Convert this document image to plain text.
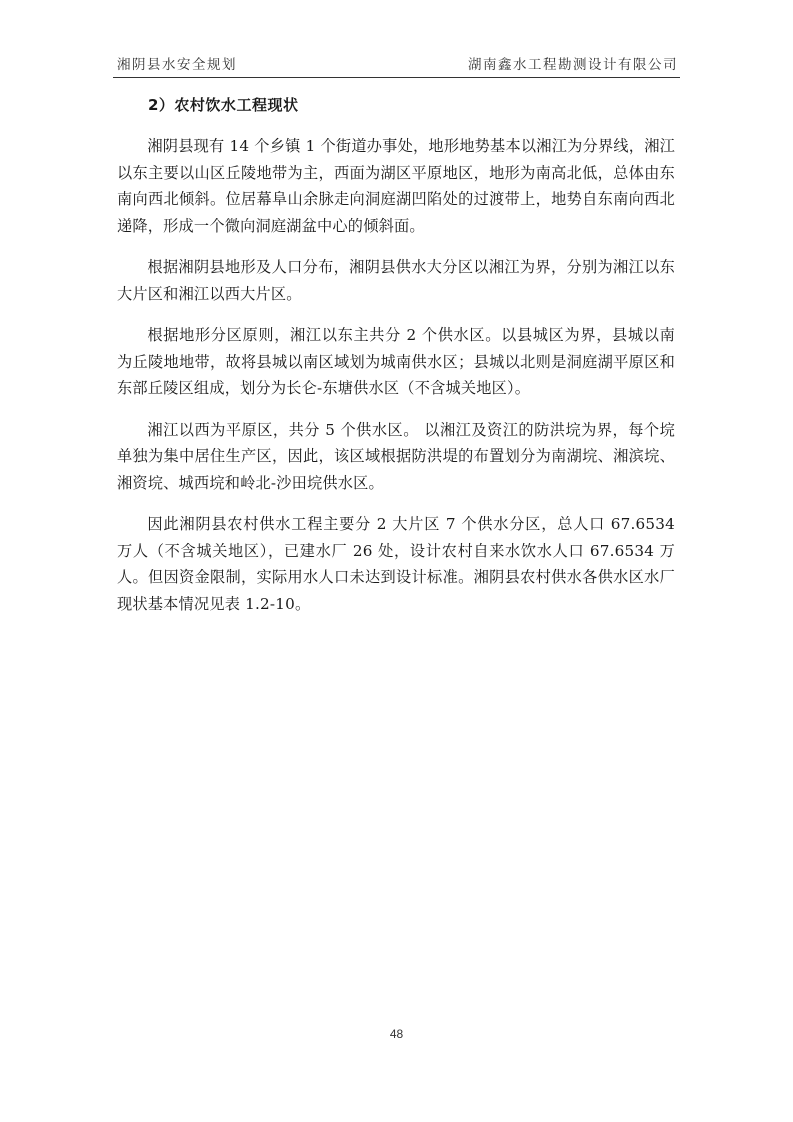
湘阴县水安全规划	湖南鑫水工程勘测设计有限公司
2）农村饮水工程现状

湘阴县现有 14 个乡镇 1 个街道办事处，地形地势基本以湘江为分界线，湘江以东主要以山区丘陵地带为主，西面为湖区平原地区，地形为南高北低，总体由东南向西北倾斜。位居幕阜山余脉走向洞庭湖凹陷处的过渡带上，地势自东南向西北递降，形成一个微向洞庭湖盆中心的倾斜面。

根据湘阴县地形及人口分布，湘阴县供水大分区以湘江为界，分别为湘江以东大片区和湘江以西大片区。

根据地形分区原则，湘江以东主共分 2 个供水区。以县城区为界，县城以南为丘陵地地带，故将县城以南区域划为城南供水区；县城以北则是洞庭湖平原区和东部丘陵区组成，划分为长仑-东塘供水区（不含城关地区）。

湘江以西为平原区，共分 5 个供水区。 以湘江及资江的防洪垸为界，每个垸单独为集中居住生产区，因此，该区域根据防洪堤的布置划分为南湖垸、湘滨垸、湘资垸、城西垸和岭北-沙田垸供水区。

因此湘阴县农村供水工程主要分 2 大片区 7 个供水分区，总人口 67.6534 万人（不含城关地区），已建水厂 26 处，设计农村自来水饮水人口 67.6534 万人。但因资金限制，实际用水人口未达到设计标准。湘阴县农村供水各供水区水厂现状基本情况见表 1.2-10。

48
